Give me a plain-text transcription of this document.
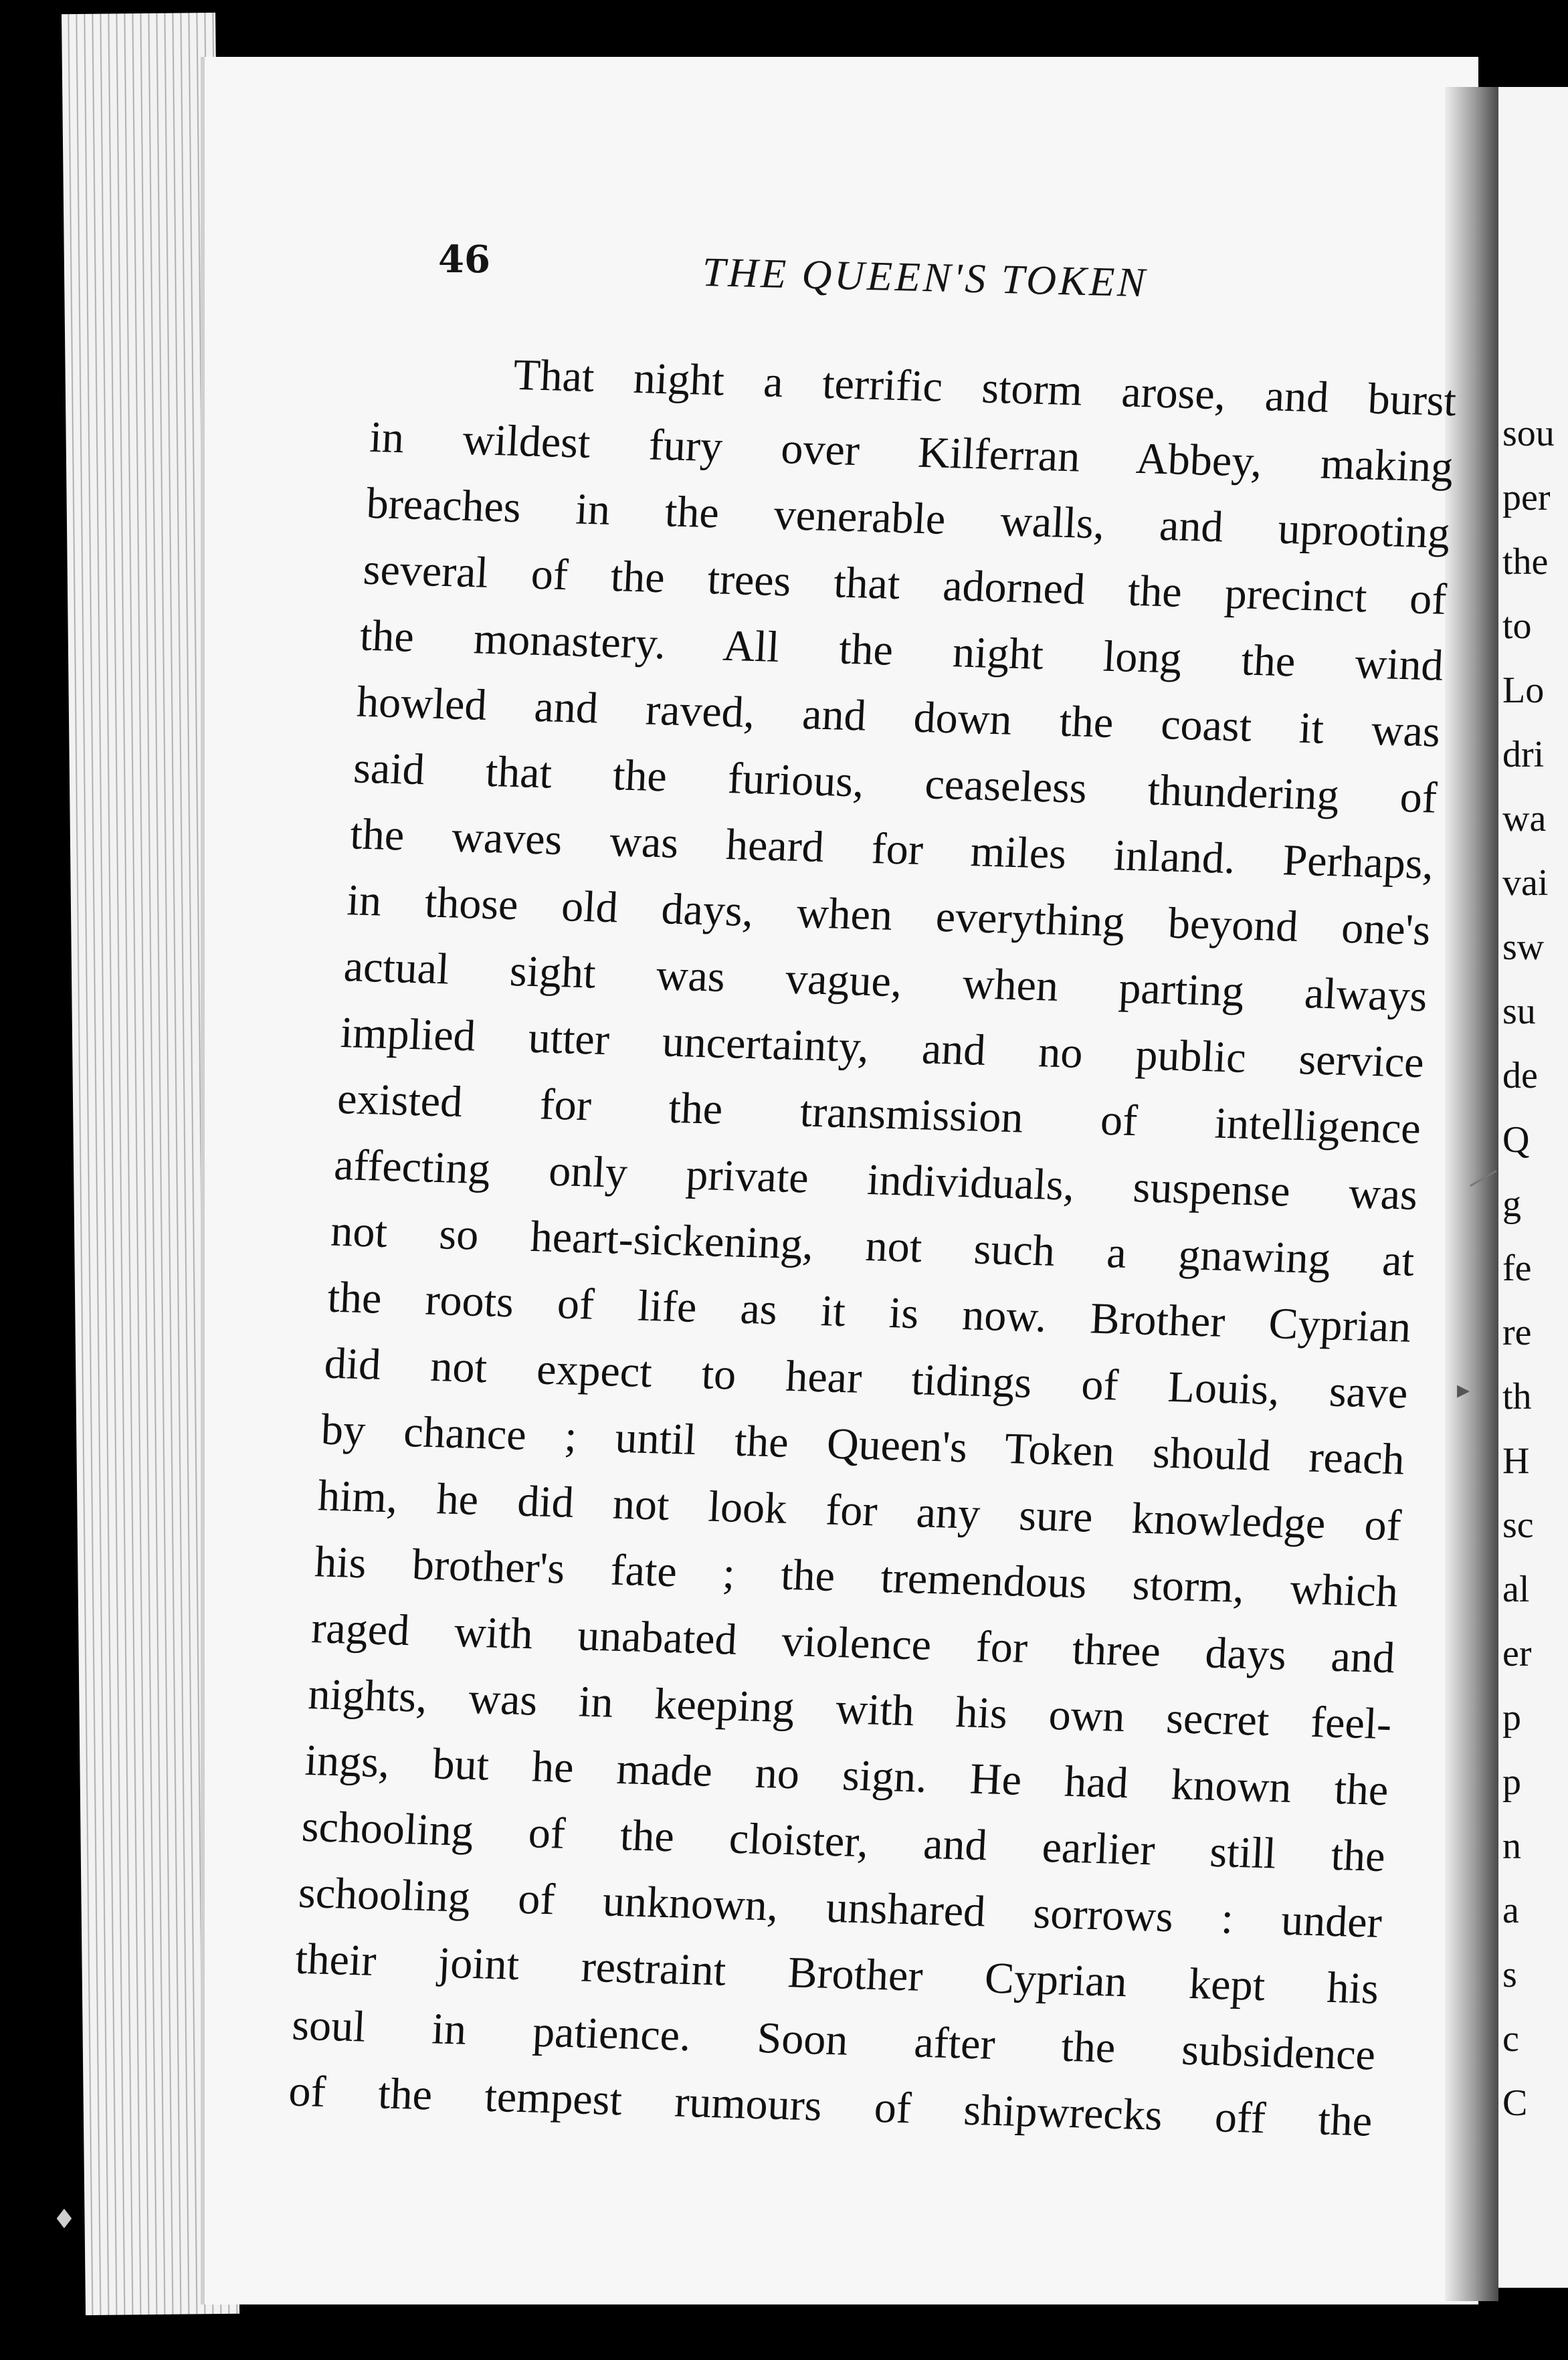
46	THE QUEEN'S TOKEN
That night a terrific storm arose, and burst
in wildest fury over Kilferran Abbey, making
breaches in the venerable walls, and uprooting
several of the trees that adorned the precinct of
the monastery. All the night long the wind
howled and raved, and down the coast it was
said that the furious, ceaseless thundering of
the waves was heard for miles inland. Perhaps,
in those old days, when everything beyond one's
actual sight was vague, when parting always
implied utter uncertainty, and no public service
existed for the transmission of intelligence
affecting only private individuals, suspense was
not so heart-sickening, not such a gnawing at
the roots of life as it is now. Brother Cyprian
did not expect to hear tidings of Louis, save
by chance ; until the Queen's Token should reach
him, he did not look for any sure knowledge of
his brother's fate ; the tremendous storm, which
raged with unabated violence for three days and
nights, was in keeping with his own secret feel-
ings, but he made no sign. He had known the
schooling of the cloister, and earlier still the
schooling of unknown, unshared sorrows : under
their joint restraint Brother Cyprian kept his
soul in patience. Soon after the subsidence
of the tempest rumours of shipwrecks off the
sou
per
the
to
Lo
dri
wa
vai
sw
su
de
Q
g
fe
re
th
H
sc
al
er
p
p
n
a
s
c
C
▸
♦
